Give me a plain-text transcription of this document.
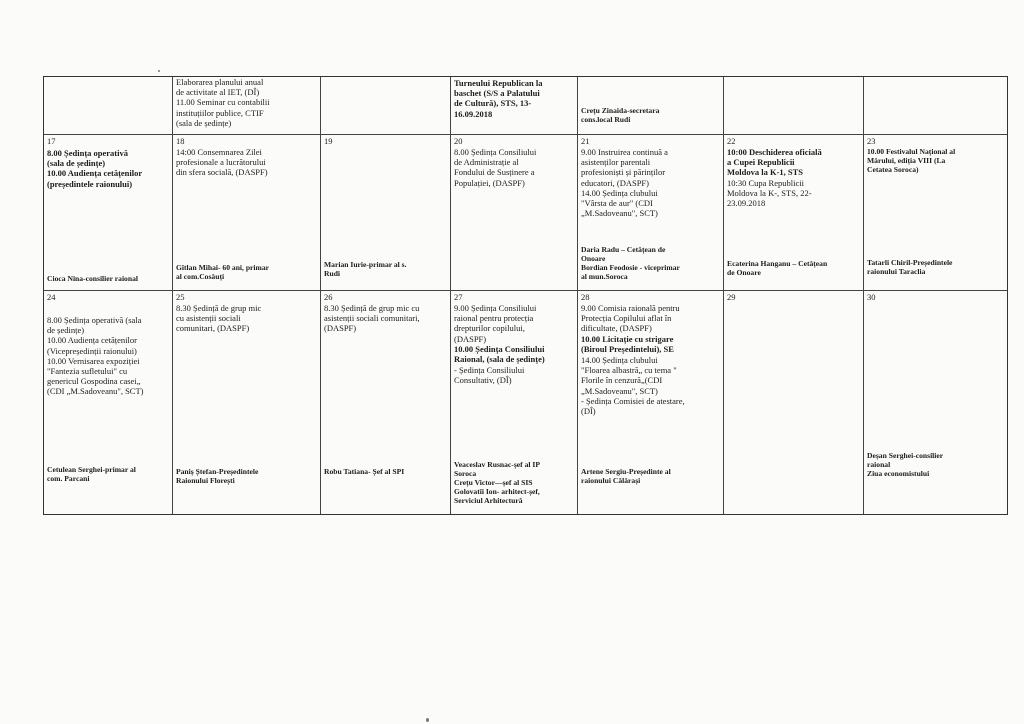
Elaborarea planului anual
de activitate al IET, (DÎ)
11.00 Seminar cu contabilii
instituțiilor publice, CTIF
(sala de ședințe)
Turneului Republican la
baschet (S/S a Palatului
de Cultură), STS, 13-
16.09.2018	Crețu Zinaida-secretara
cons.local Rudi
17
8.00 Ședința operativă
(sala de ședințe)
10.00 Audiența cetățenilor
(președintele raionului)
Cioca Nina-consilier raional
18
14:00 Consemnarea Zilei
profesionale a lucrătorului
din sfera socială, (DASPF)
Gîtlan Mihai- 60 ani, primar
al com.Cosăuți
19
Marian Iurie-primar al s.
Rudi
20
8.00 Ședința Consiliului
de Administrație al
Fondului de Susținere a
Populației, (DASPF)
21
9.00 Instruirea continuă a
asistenților parentali
profesioniști și părinților
educatori, (DASPF)
14.00 Ședința clubului
"Vârsta de aur" (CDI
„M.Sadoveanu", SCT)
Daria Radu – Cetățean de
Onoare
Bordian Feodosie - viceprimar
al mun.Soroca
22
10:00 Deschiderea oficială
a Cupei Republicii
Moldova la K-1, STS
10:30 Cupa Republicii
Moldova la K-, STS, 22-
23.09.2018
Ecaterina Hanganu – Cetățean
de Onoare
23
10.00 Festivalul Național al
Mărului, ediția VIII (La
Cetatea Soroca)
Tatarli Chiril-Președintele
raionului Taraclia
24
8.00 Ședința operativă (sala
de ședințe)
10.00 Audiența cetățenilor
(Vicepreședinții raionului)
10.00 Vernisarea expoziției
"Fantezia sufletului" cu
genericul Gospodina casei„
(CDI „M.Sadoveanu", SCT)
Cetulean Serghei-primar al
com. Parcani
25
8.30 Ședință de grup mic
cu asistenții sociali
comunitari, (DASPF)
Paniș Ștefan-Președintele
Raionului Florești
26
8.30 Ședință de grup mic cu
asistenții sociali comunitari,
(DASPF)
Robu Tatiana- Șef al SPI
27
9.00 Ședința Consiliului
raional pentru protecția
drepturilor copilului,
(DASPF)
10.00 Ședința Consiliului
Raional, (sala de ședințe)
- Ședința Consiliului
Consultativ, (DÎ)
Veaceslav Rusnac-șef al IP
Soroca
Crețu Victor—șef al SIS
Golovatîi Ion- arhitect-șef,
Serviciul Arhitectură
28
9.00 Comisia raională pentru
Protecția Copilului aflat în
dificultate, (DASPF)
10.00 Licitație cu strigare
(Biroul Președintelui), SE
14.00 Ședința clubului
"Floarea albastră„ cu tema "
Florile în cenzură„(CDI
„M.Sadoveanu", SCT)
- Ședința Comisiei de atestare,
(DÎ)
Artene Sergiu-Președinte al
raionului Călărași
29	30
Deșan Serghei-consilier
raional
Ziua economistului
